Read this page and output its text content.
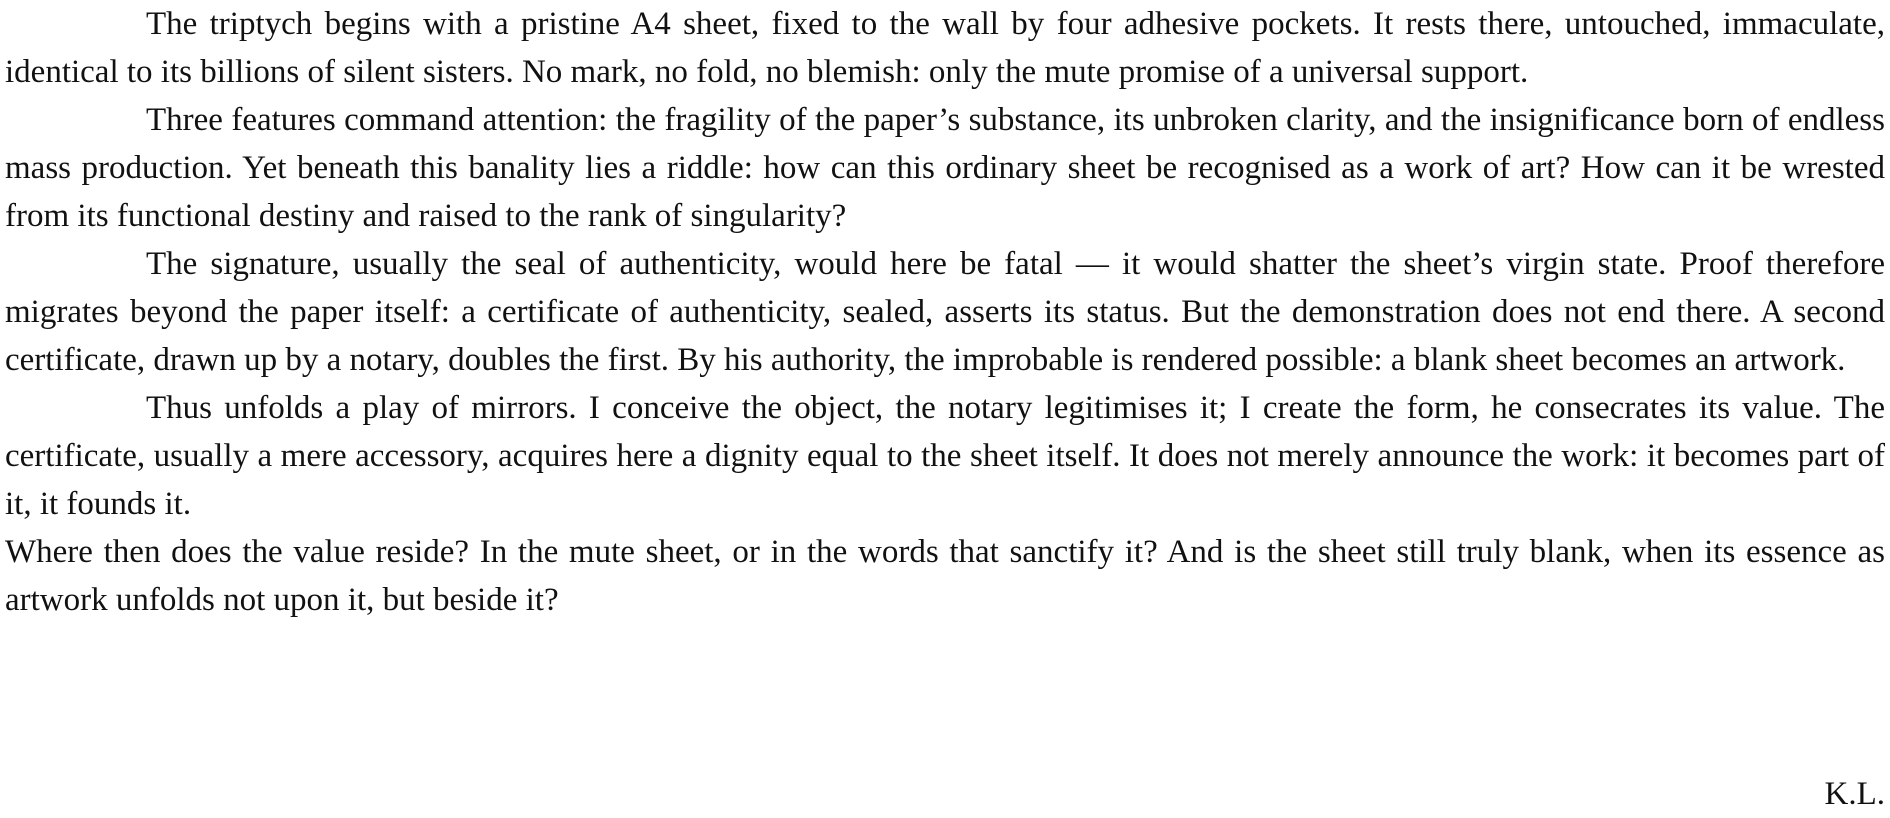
The triptych begins with a pristine A4 sheet, fixed to the wall by four adhesive pockets. It rests there, untouched, immaculate, identical to its billions of silent sisters. No mark, no fold, no blemish: only the mute promise of a universal support.

Three features command attention: the fragility of the paper’s substance, its unbroken clarity, and the insignificance born of endless mass production. Yet beneath this banality lies a riddle: how can this ordinary sheet be recognised as a work of art? How can it be wrested from its functional destiny and raised to the rank of singularity?

The signature, usually the seal of authenticity, would here be fatal — it would shatter the sheet’s virgin state. Proof therefore migrates beyond the paper itself: a certificate of authenticity, sealed, asserts its status. But the demonstration does not end there. A second certificate, drawn up by a notary, doubles the first. By his authority, the improbable is rendered possible: a blank sheet becomes an artwork.

Thus unfolds a play of mirrors. I conceive the object, the notary legitimises it; I create the form, he consecrates its value. The certificate, usually a mere accessory, acquires here a dignity equal to the sheet itself. It does not merely announce the work: it becomes part of it, it founds it.

Where then does the value reside? In the mute sheet, or in the words that sanctify it? And is the sheet still truly blank, when its essence as artwork unfolds not upon it, but beside it?

K.L.
